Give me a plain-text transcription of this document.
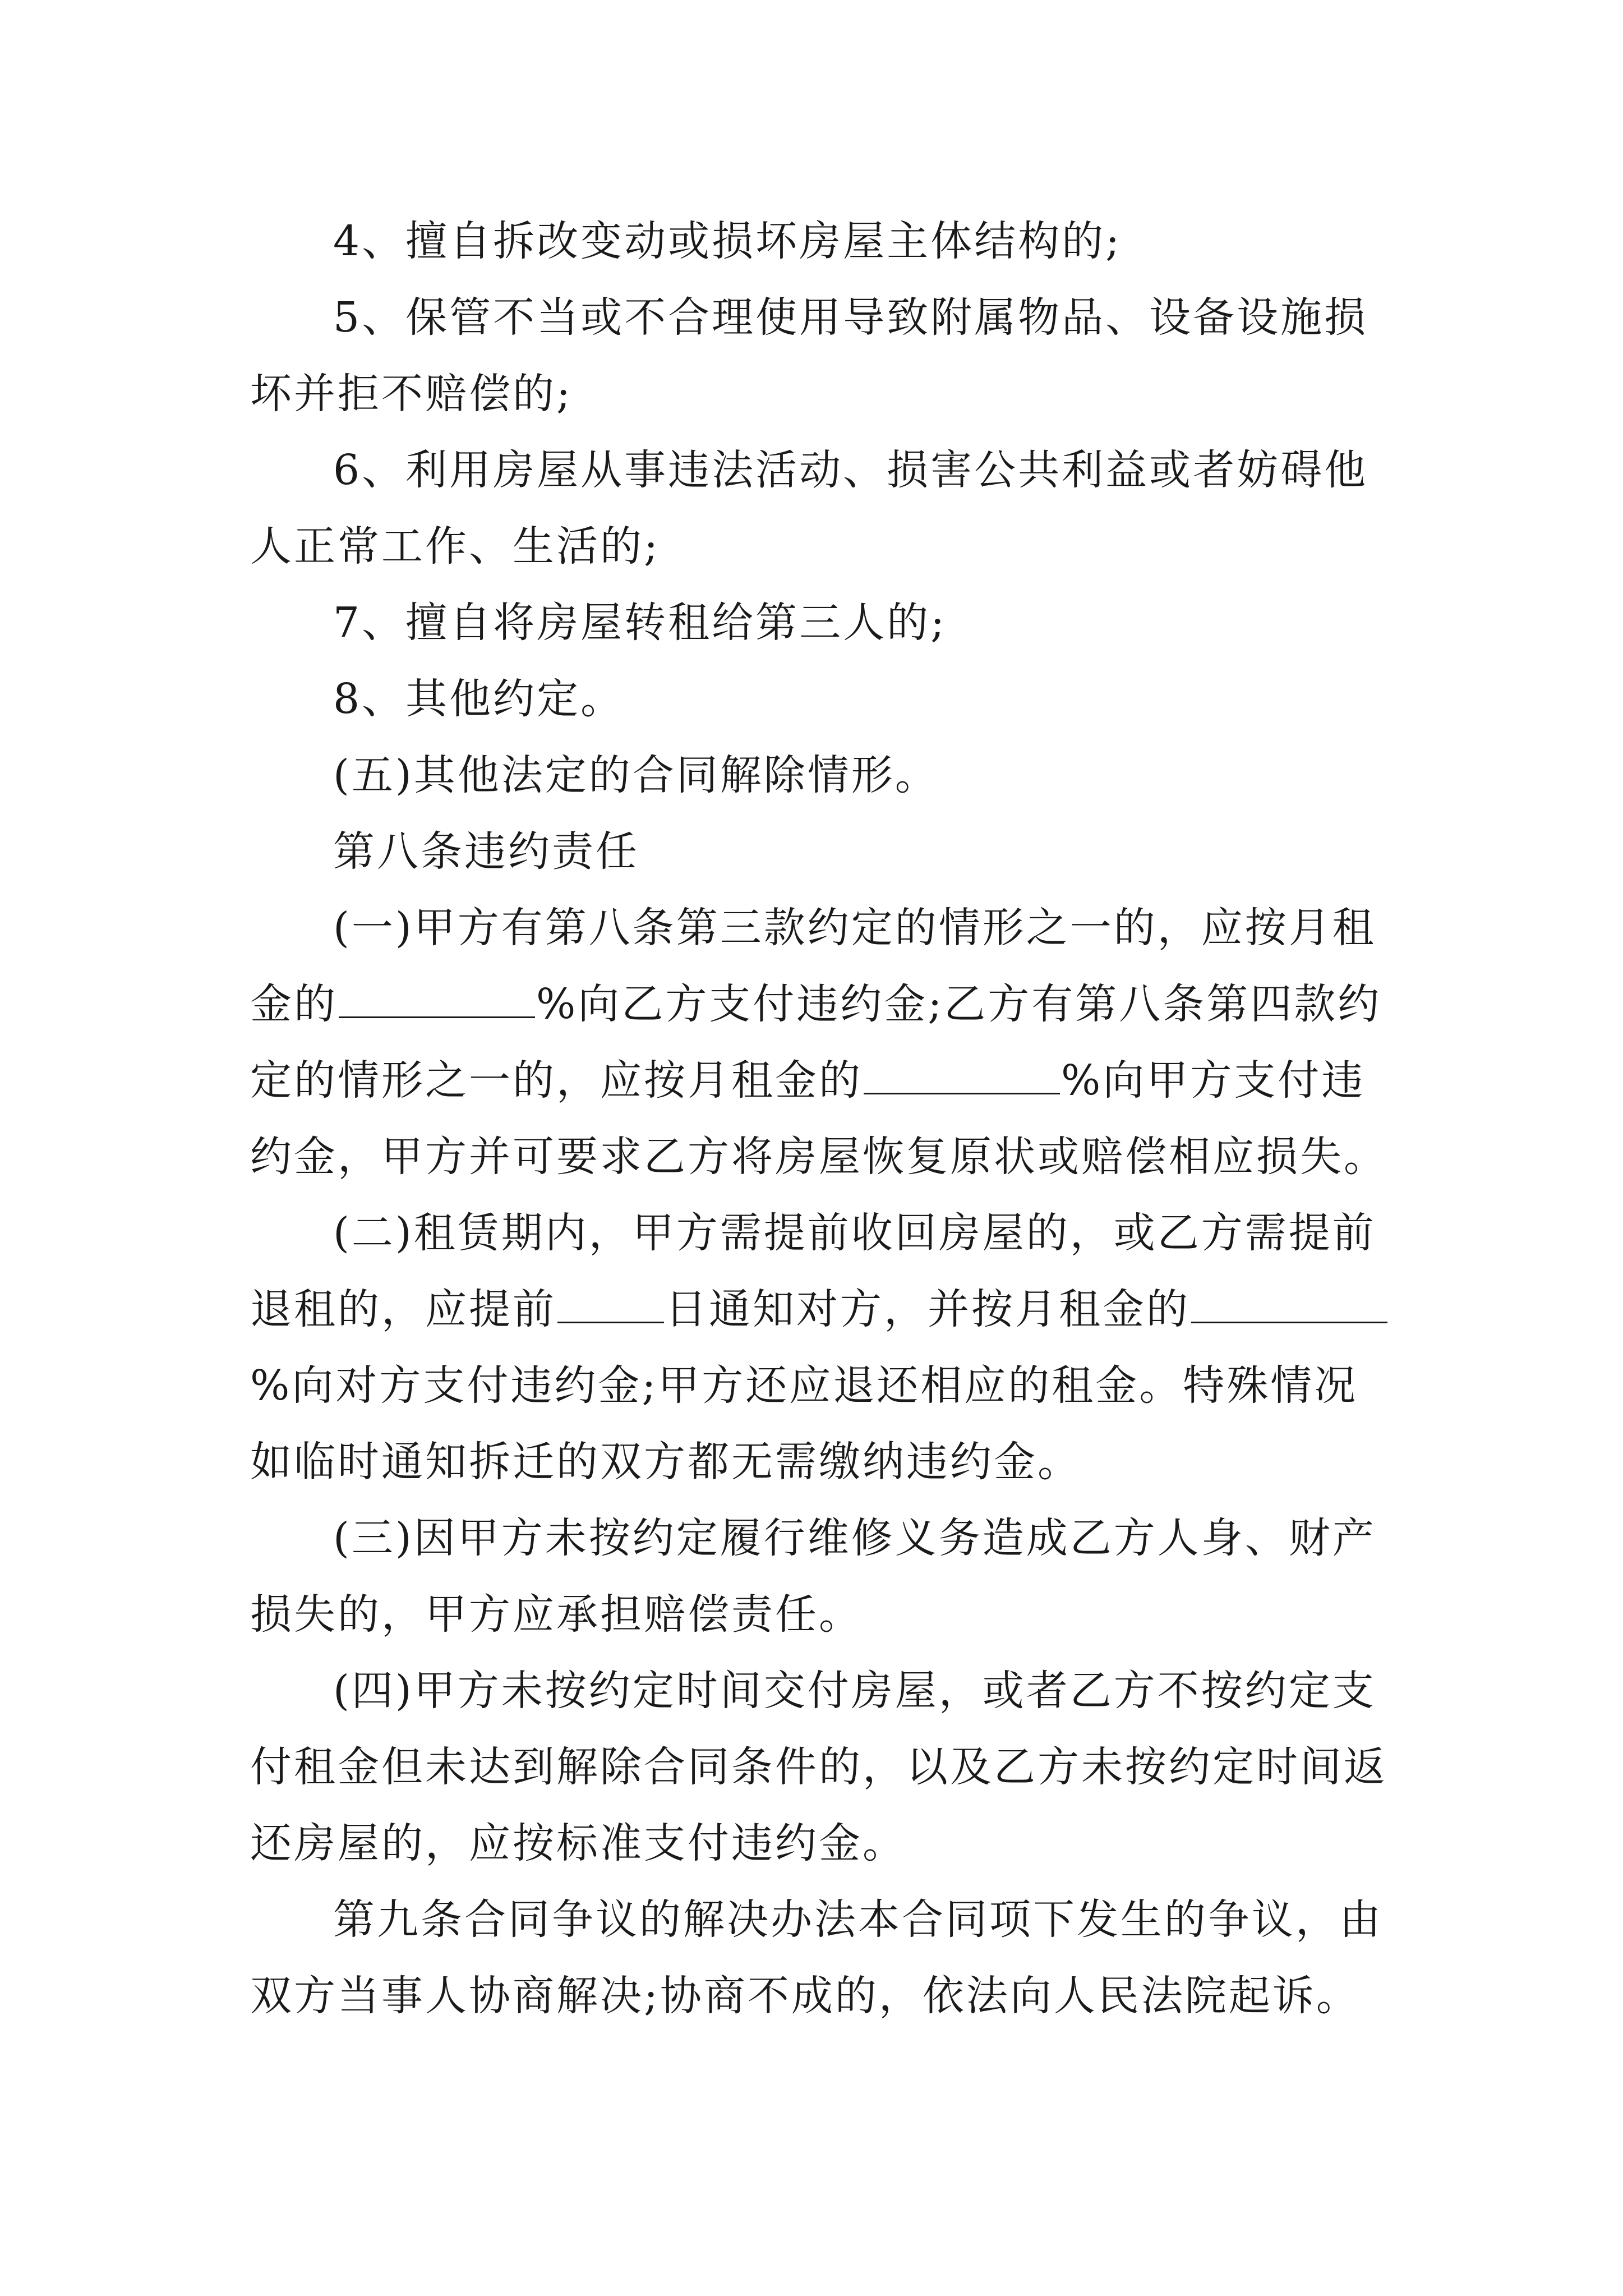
4、擅自拆改变动或损坏房屋主体结构的;

5、保管不当或不合理使用导致附属物品、设备设施损坏并拒不赔偿的;

6、利用房屋从事违法活动、损害公共利益或者妨碍他人正常工作、生活的;

7、擅自将房屋转租给第三人的;

8、其他约定。

(五)其他法定的合同解除情形。

第八条违约责任

(一)甲方有第八条第三款约定的情形之一的，应按月租金的	%向乙方支付违约金;乙方有第八条第四款约定的情形之一的，应按月租金的	%向甲方支付违约金，甲方并可要求乙方将房屋恢复原状或赔偿相应损失。

(二)租赁期内，甲方需提前收回房屋的，或乙方需提前退租的，应提前	日通知对方，并按月租金的%向对方支付违约金;甲方还应退还相应的租金。特殊情况如临时通知拆迁的双方都无需缴纳违约金。

(三)因甲方未按约定履行维修义务造成乙方人身、财产损失的，甲方应承担赔偿责任。

(四)甲方未按约定时间交付房屋，或者乙方不按约定支付租金但未达到解除合同条件的，以及乙方未按约定时间返还房屋的，应按标准支付违约金。

第九条合同争议的解决办法本合同项下发生的争议，由双方当事人协商解决;协商不成的，依法向人民法院起诉。
